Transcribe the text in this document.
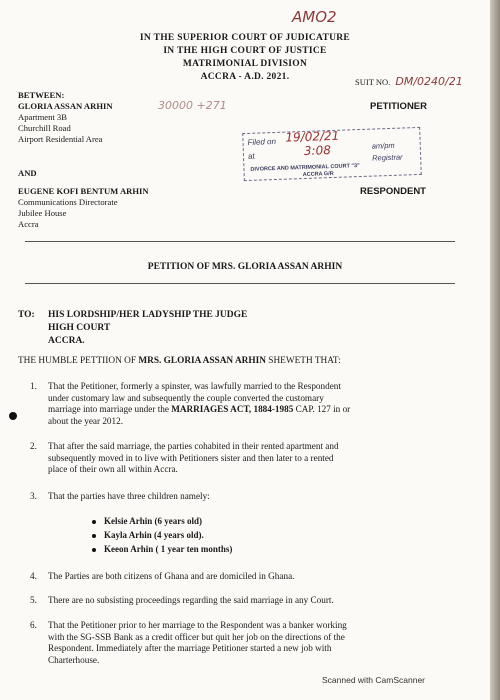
AMO2
IN THE SUPERIOR COURT OF JUDICATURE
IN THE HIGH COURT OF JUSTICE
MATRIMONIAL DIVISION
ACCRA - A.D. 2021.	SUIT NO. DM/0240/21
BETWEEN:
GLORIA ASSAN ARHIN
Apartment 3B
Churchill Road
Airport Residential Area
30000 +271	PETITIONER
Filed on 19/02/21
at	3:08	am/pm
Registrar
DIVORCE AND MATRIMONIAL COURT "3"
ACCRA G/R
AND
EUGENE KOFI BENTUM ARHIN
Communications Directorate
Jubilee House
Accra
RESPONDENT
PETITION OF MRS. GLORIA ASSAN ARHIN
TO: HIS LORDSHIP/HER LADYSHIP THE JUDGE
HIGH COURT
ACCRA.
THE HUMBLE PETTIION OF MRS. GLORIA ASSAN ARHIN SHEWETH THAT:
1. That the Petitioner, formerly a spinster, was lawfully married to the Respondent
under customary law and subsequently the couple converted the customary
marriage into marriage under the MARRIAGES ACT, 1884-1985 CAP. 127 in or
about the year 2012.
2. That after the said marriage, the parties cohabited in their rented apartment and
subsequently moved in to live with Petitioners sister and then later to a rented
place of their own all within Accra.
3. That the parties have three children namely:
Kelsie Arhin (6 years old)
Kayla Arhin (4 years old).
Keeon Arhin ( 1 year ten months)
4. The Parties are both citizens of Ghana and are domiciled in Ghana.
5. There are no subsisting proceedings regarding the said marriage in any Court.
6. That the Petitioner prior to her marriage to the Respondent was a banker working
with the SG-SSB Bank as a credit officer but quit her job on the directions of the
Respondent. Immediately after the marriage Petitioner started a new job with
Charterhouse.
Scanned with CamScanner
